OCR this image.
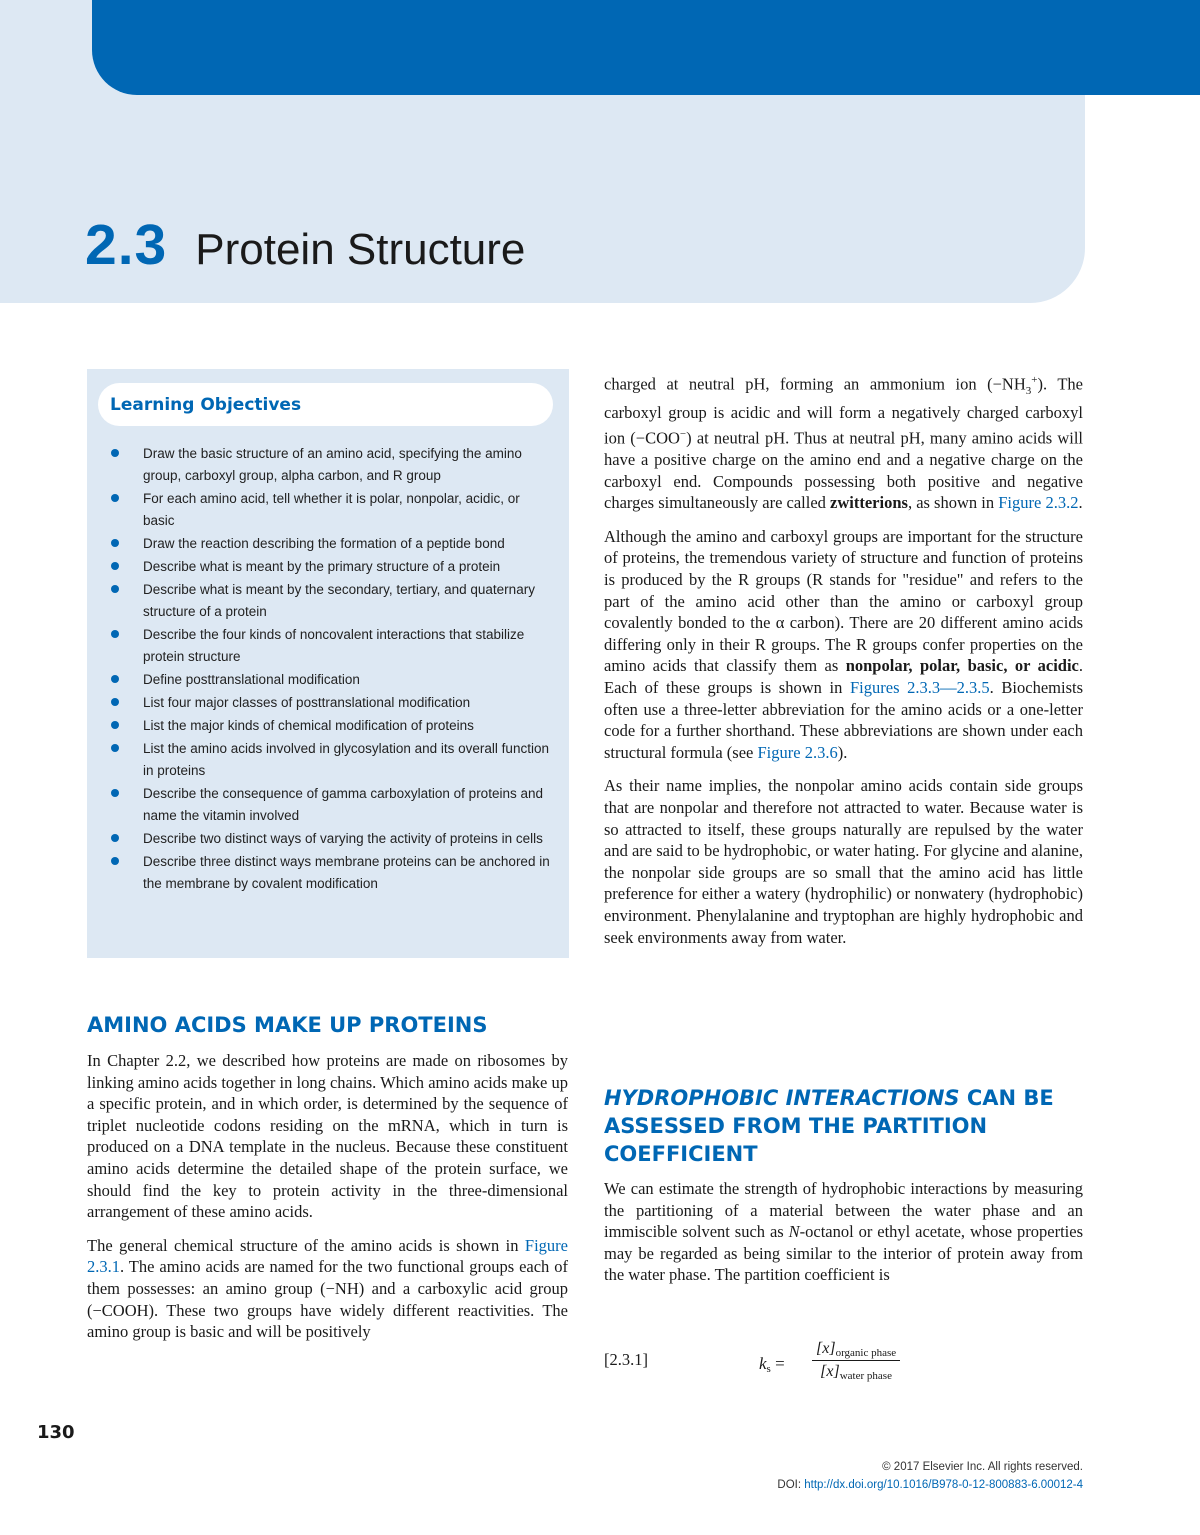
2.3 Protein Structure
Learning Objectives
Draw the basic structure of an amino acid, specifying the amino group, carboxyl group, alpha carbon, and R group
For each amino acid, tell whether it is polar, nonpolar, acidic, or basic
Draw the reaction describing the formation of a peptide bond
Describe what is meant by the primary structure of a protein
Describe what is meant by the secondary, tertiary, and quaternary structure of a protein
Describe the four kinds of noncovalent interactions that stabilize protein structure
Define posttranslational modification
List four major classes of posttranslational modification
List the major kinds of chemical modification of proteins
List the amino acids involved in glycosylation and its overall function in proteins
Describe the consequence of gamma carboxylation of proteins and name the vitamin involved
Describe two distinct ways of varying the activity of proteins in cells
Describe three distinct ways membrane proteins can be anchored in the membrane by covalent modification
AMINO ACIDS MAKE UP PROTEINS

In Chapter 2.2, we described how proteins are made on ribosomes by linking amino acids together in long chains. Which amino acids make up a specific protein, and in which order, is determined by the sequence of triplet nucleotide codons residing on the mRNA, which in turn is produced on a DNA template in the nucleus. Because these constituent amino acids determine the detailed shape of the protein surface, we should find the key to protein activity in the three-dimensional arrangement of these amino acids.

The general chemical structure of the amino acids is shown in Figure 2.3.1. The amino acids are named for the two functional groups each of them possesses: an amino group (−NH) and a carboxylic acid group (−COOH). These two groups have widely different reactivities. The amino group is basic and will be positively

charged at neutral pH, forming an ammonium ion $(-NH_3^+)$. The carboxyl group is acidic and will form a negatively charged carboxyl ion (−COO−) at neutral pH. Thus at neutral pH, many amino acids will have a positive charge on the amino end and a negative charge on the carboxyl end. Compounds possessing both positive and negative charges simultaneously are called zwitterions, as shown in Figure 2.3.2.

Although the amino and carboxyl groups are important for the structure of proteins, the tremendous variety of structure and function of proteins is produced by the R groups (R stands for "residue" and refers to the part of the amino acid other than the amino or carboxyl group covalently bonded to the α carbon). There are 20 different amino acids differing only in their R groups. The R groups confer properties on the amino acids that classify them as nonpolar, polar, basic, or acidic. Each of these groups is shown in Figures 2.3.3—2.3.5. Biochemists often use a three-letter abbreviation for the amino acids or a one-letter code for a further shorthand. These abbreviations are shown under each structural formula (see Figure 2.3.6).

As their name implies, the nonpolar amino acids contain side groups that are nonpolar and therefore not attracted to water. Because water is so attracted to itself, these groups naturally are repulsed by the water and are said to be hydrophobic, or water hating. For glycine and alanine, the nonpolar side groups are so small that the amino acid has little preference for either a watery (hydrophilic) or nonwatery (hydrophobic) environment. Phenylalanine and tryptophan are highly hydrophobic and seek environments away from water.

HYDROPHOBIC INTERACTIONS CAN BE ASSESSED FROM THE PARTITION COEFFICIENT

We can estimate the strength of hydrophobic interactions by measuring the partitioning of a material between the water phase and an immiscible solvent such as N-octanol or ethyl acetate, whose properties may be regarded as being similar to the interior of protein away from the water phase. The partition coefficient is

[2.3.1]	$k_s$ =
$[x]_{organic phase}$
$[x]_{water phase}$
130
© 2017 Elsevier Inc. All rights reserved.
DOI: http://dx.doi.org/10.1016/B978-0-12-800883-6.00012-4
